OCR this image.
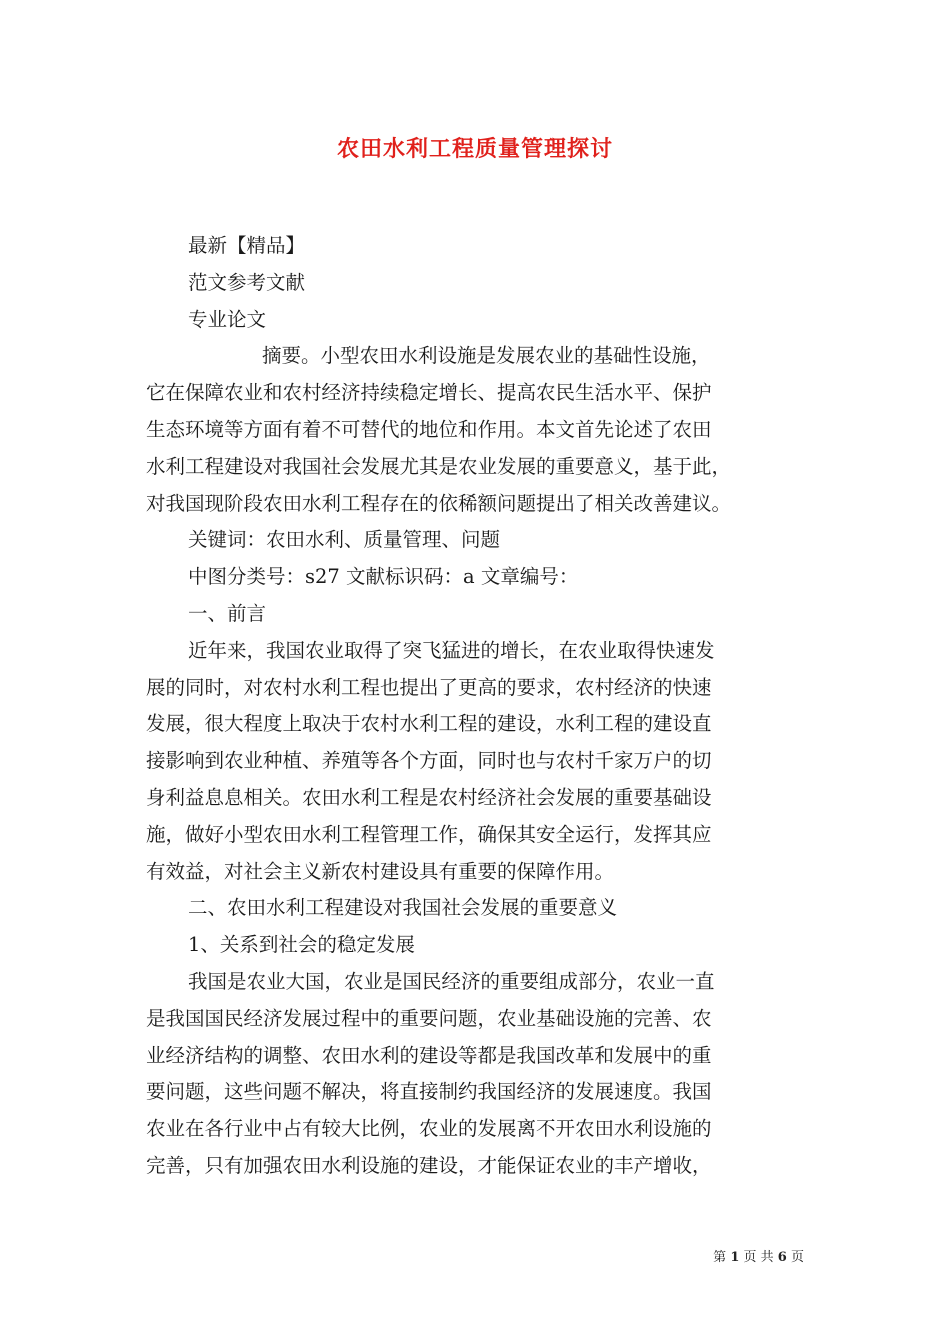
农田水利工程质量管理探讨
最新【精品】
范文参考文献
专业论文
摘要。小型农田水利设施是发展农业的基础性设施，
它在保障农业和农村经济持续稳定增长、提高农民生活水平、保护
生态环境等方面有着不可替代的地位和作用。本文首先论述了农田
水利工程建设对我国社会发展尤其是农业发展的重要意义，基于此，
对我国现阶段农田水利工程存在的依稀额问题提出了相关改善建议。
关键词：农田水利、质量管理、问题
中图分类号：s27 文献标识码：a 文章编号：
一、前言
近年来，我国农业取得了突飞猛进的增长，在农业取得快速发
展的同时，对农村水利工程也提出了更高的要求，农村经济的快速
发展，很大程度上取决于农村水利工程的建设，水利工程的建设直
接影响到农业种植、养殖等各个方面，同时也与农村千家万户的切
身利益息息相关。农田水利工程是农村经济社会发展的重要基础设
施，做好小型农田水利工程管理工作，确保其安全运行，发挥其应
有效益，对社会主义新农村建设具有重要的保障作用。
二、农田水利工程建设对我国社会发展的重要意义
1、关系到社会的稳定发展
我国是农业大国，农业是国民经济的重要组成部分，农业一直
是我国国民经济发展过程中的重要问题，农业基础设施的完善、农
业经济结构的调整、农田水利的建设等都是我国改革和发展中的重
要问题，这些问题不解决，将直接制约我国经济的发展速度。我国
农业在各行业中占有较大比例，农业的发展离不开农田水利设施的
完善，只有加强农田水利设施的建设，才能保证农业的丰产增收，
第 1 页 共 6 页
